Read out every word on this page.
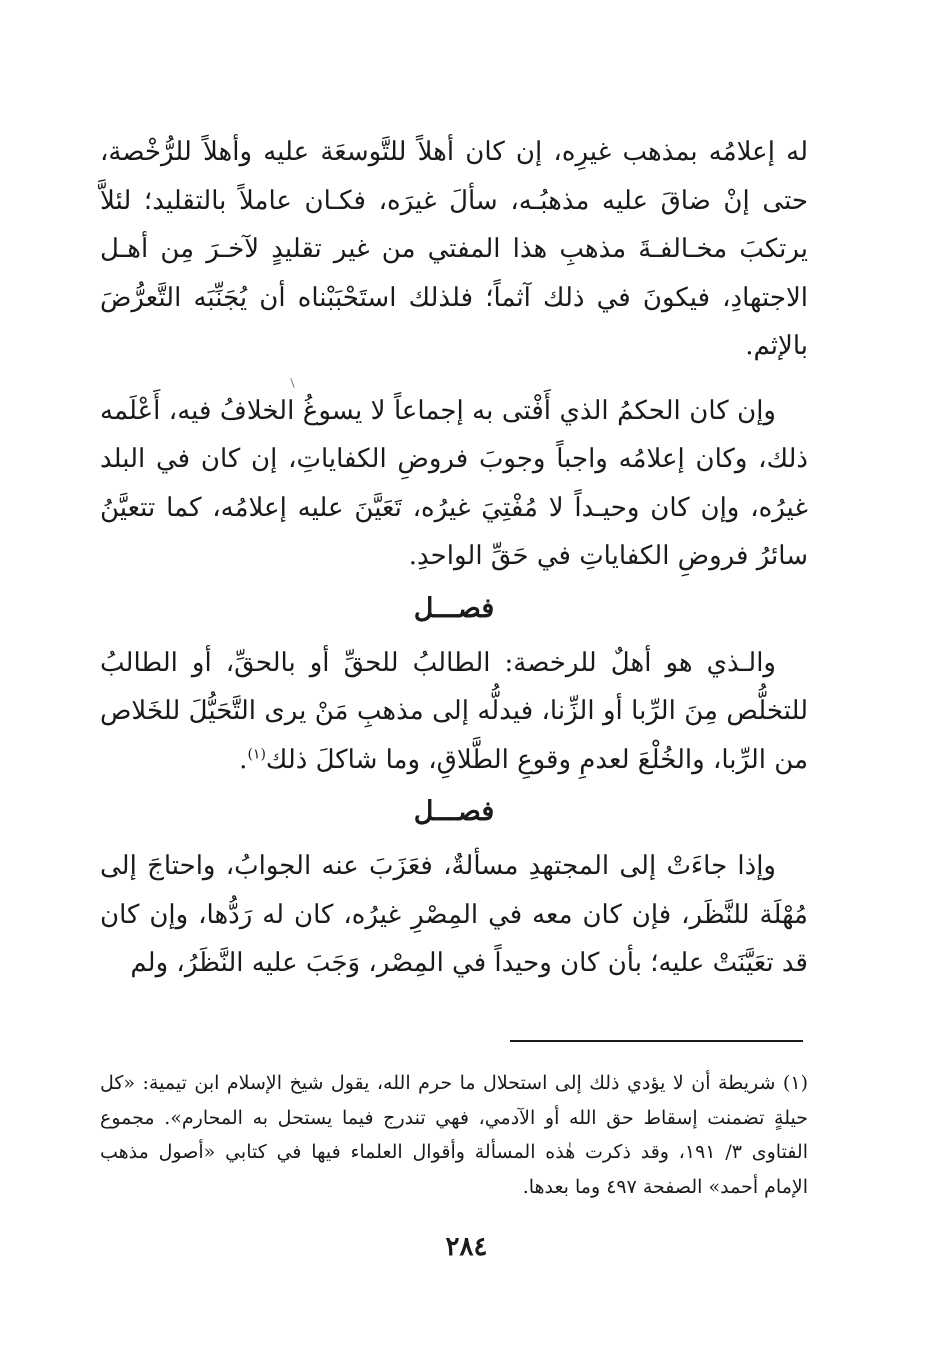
له إعلامُه بمذهب غيرِه، إن كان أهلاً للتَّوسعَة عليه وأهلاً للرُّخْصة، حتى إنْ ضاقَ عليه مذهبُـه، سألَ غيرَه، فكـان عاملاً بالتقليد؛ لئلاَّ يرتكبَ مخـالفـةَ مذهبِ هذا المفتي من غير تقليدٍ لآخـرَ مِن أهـل الاجتهادِ، فيكونَ في ذلك آثماً؛ فلذلك استَحْبَبْناه أن يُجَنِّبَه التَّعرُّضَ بالإثم.

وإن كان الحكمُ الذي أَفْتى به إجماعاً لا يسوغُ الخلافُ فيه، أَعْلَمه ذلك، وكان إعلامُه واجباً وجوبَ فروضِ الكفاياتِ، إن كان في البلد غيرُه، وإن كان وحيـداً لا مُفْتِيَ غيرُه، تَعَيَّنَ عليه إعلامُه، كما تتعيَّنُ سائرُ فروضِ الكفاياتِ في حَقِّ الواحدِ.

فصـــل

والـذي هو أهلٌ للرخصة: الطالبُ للحقِّ أو بالحقِّ، أو الطالبُ للتخلُّص مِنَ الرِّبا أو الزِّنا، فيدلُّه إلى مذهبِ مَنْ يرى التَّحَيُّلَ للخَلاص من الرِّبا، والخُلْعَ لعدمِ وقوعِ الطَّلاقِ، وما شاكلَ ذلك$^{(١)}$.

فصـــل

وإذا جاءَتْ إلى المجتهدِ مسألةٌ، فعَزَبَ عنه الجوابُ، واحتاجَ إلى مُهْلَة للنَّظَر، فإن كان معه في المِصْرِ غيرُه، كان له رَدُّها، وإن كان قد تعَيَّنَتْ عليه؛ بأن كان وحيداً في المِصْر، وَجَبَ عليه النَّظَرُ، ولم

(١) شريطة أن لا يؤدي ذلك إلى استحلال ما حرم الله، يقول شيخ الإسلام ابن تيمية: «كل حيلةٍ تضمنت إسقاط حق الله أو الآدمي، فهي تندرج فيما يستحل به المحارم». مجموع الفتاوى ٣/ ١٩١، وقد ذكرت هٰذه المسألة وأقوال العلماء فيها في كتابي «أصول مذهب الإمام أحمد» الصفحة ٤٩٧ وما بعدها.

٢٨٤
